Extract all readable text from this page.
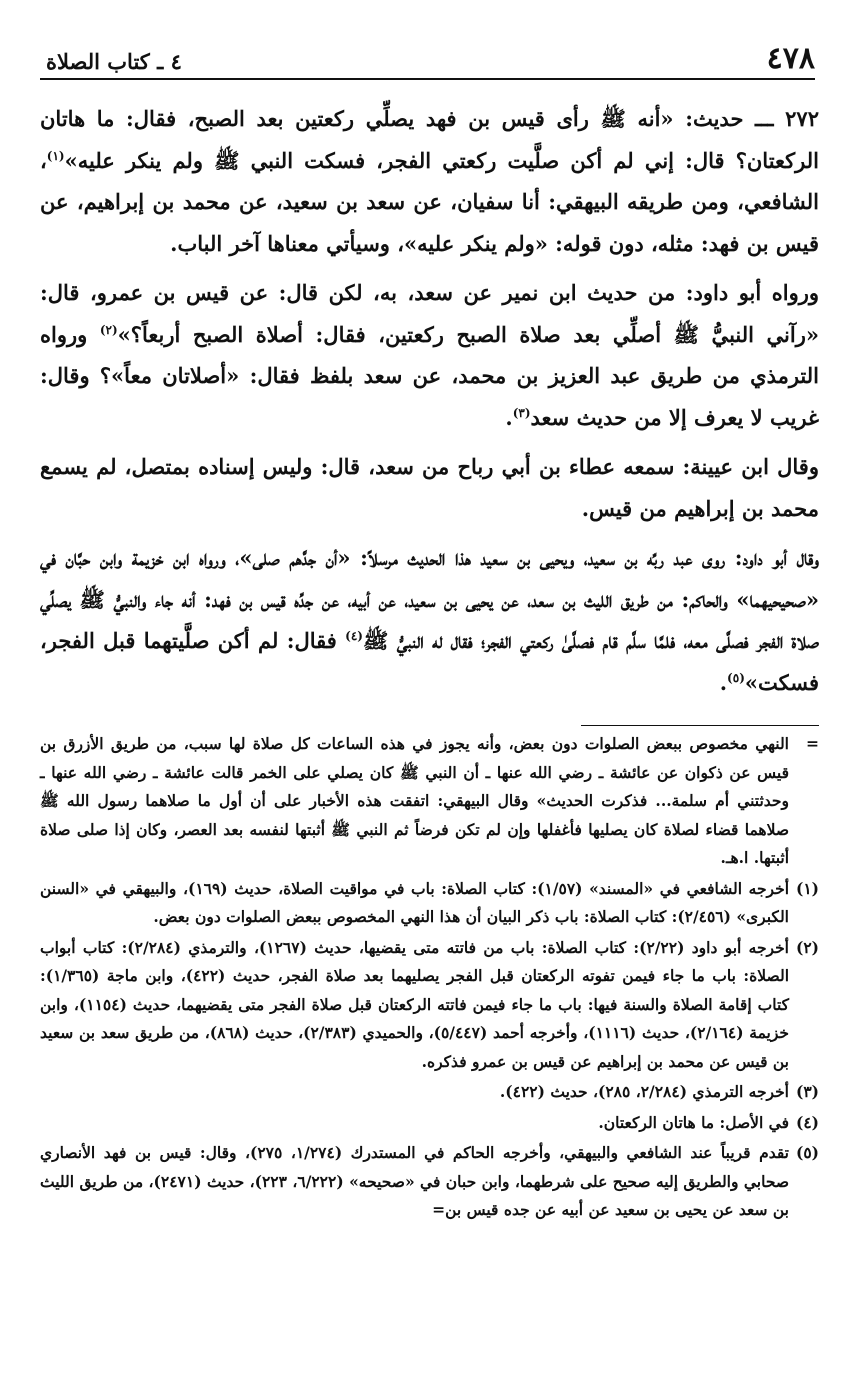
٤٧٨
٤ ـ كتاب الصلاة

٢٧٢ ـــ حديث: «أنه ﷺ رأى قيس بن فهد يصلِّي ركعتين بعد الصبح، فقال: ما هاتان الركعتان؟ قال: إني لم أكن صلَّيت ركعتي الفجر، فسكت النبي ﷺ ولم ينكر عليه»$^{(١)}$، الشافعي، ومن طريقه البيهقي: أنا سفيان، عن سعد بن سعيد، عن محمد بن إبراهيم، عن قيس بن فهد: مثله، دون قوله: «ولم ينكر عليه»، وسيأتي معناها آخر الباب.

ورواه أبو داود: من حديث ابن نمير عن سعد، به، لكن قال: عن قيس بن عمرو، قال: «رآني النبيُّ ﷺ أصلِّي بعد صلاة الصبح ركعتين، فقال: أصلاة الصبح أربعاً؟»$^{(٢)}$ ورواه الترمذي من طريق عبد العزيز بن محمد، عن سعد بلفظ فقال: «أصلاتان معاً»؟ وقال: غريب لا يعرف إلا من حديث سعد$^{(٣)}$.

وقال ابن عيينة: سمعه عطاء بن أبي رباح من سعد، قال: وليس إسناده بمتصل، لم يسمع محمد بن إبراهيم من قيس.

وقال أبو داود: روى عبد ربِّه بن سعيد، ويحيى بن سعيد هذا الحديث مرسلاً: «أن جدَّهم صلى»، ورواه ابن خزيمة وابن حبَّان في «صحيحيهما» والحاكم: من طريق الليث بن سعد، عن يحيى بن سعيد، عن أبيه، عن جدِّه قيس بن فهد: أنه جاء والنبيُّ ﷺ يصلِّي صلاة الفجر فصلَّى معه، فلمَّا سلَّم قام فصلَّىٰ ركعتي الفجر؛ فقال له النبيُّ ﷺ$^{(٤)}$ فقال: لم أكن صلَّيتهما قبل الفجر، فسكت»$^{(٥)}$.

=
النهي مخصوص ببعض الصلوات دون بعض، وأنه يجوز في هذه الساعات كل صلاة لها سبب، من طريق الأزرق بن قيس عن ذكوان عن عائشة ـ رضي الله عنها ـ أن النبي ﷺ كان يصلي على الخمر قالت عائشة ـ رضي الله عنها ـ وحدثتني أم سلمة... فذكرت الحديث» وقال البيهقي: اتفقت هذه الأخبار على أن أول ما صلاهما رسول الله ﷺ صلاهما قضاء لصلاة كان يصليها فأغفلها وإن لم تكن فرضاً ثم النبي ﷺ أثبتها لنفسه بعد العصر، وكان إذا صلى صلاة أثبتها. ا.هـ.
(١)
أخرجه الشافعي في «المسند» (١/٥٧): كتاب الصلاة: باب في مواقيت الصلاة، حديث (١٦٩)، والبيهقي في «السنن الكبرى» (٢/٤٥٦): كتاب الصلاة: باب ذكر البيان أن هذا النهي المخصوص ببعض الصلوات دون بعض.
(٢)
أخرجه أبو داود (٢/٢٢): كتاب الصلاة: باب من فاتته متى يقضيها، حديث (١٢٦٧)، والترمذي (٢/٢٨٤): كتاب أبواب الصلاة: باب ما جاء فيمن تفوته الركعتان قبل الفجر يصليهما بعد صلاة الفجر، حديث (٤٢٢)، وابن ماجة (١/٣٦٥): كتاب إقامة الصلاة والسنة فيها: باب ما جاء فيمن فاتته الركعتان قبل صلاة الفجر متى يقضيهما، حديث (١١٥٤)، وابن خزيمة (٢/١٦٤)، حديث (١١١٦)، وأخرجه أحمد (٥/٤٤٧)، والحميدي (٢/٣٨٣)، حديث (٨٦٨)، من طريق سعد بن سعيد بن قيس عن محمد بن إبراهيم عن قيس بن عمرو فذكره.
(٣)
أخرجه الترمذي (٢/٢٨٤، ٢٨٥)، حديث (٤٢٢).
(٤)
في الأصل: ما هاتان الركعتان.
(٥)
تقدم قريباً عند الشافعي والبيهقي، وأخرجه الحاكم في المستدرك (١/٢٧٤، ٢٧٥)، وقال: قيس بن فهد الأنصاري صحابي والطريق إليه صحيح على شرطهما، وابن حبان في «صحيحه» (٦/٢٢٢، ٢٢٣)، حديث (٢٤٧١)، من طريق الليث بن سعد عن يحيى بن سعيد عن أبيه عن جده قيس بن=
